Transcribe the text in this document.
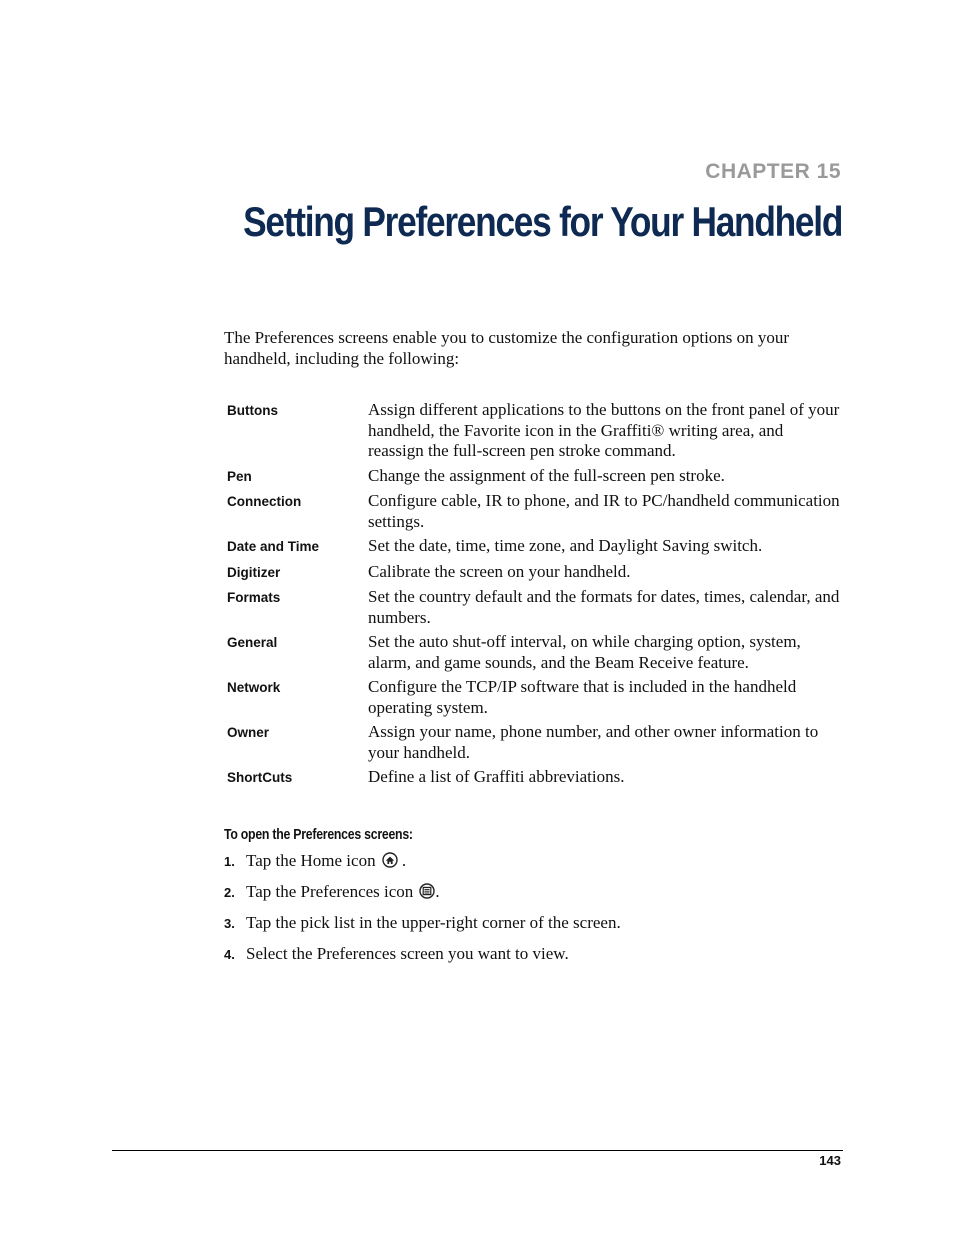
CHAPTER 15
Setting Preferences for Your Handheld

The Preferences screens enable you to customize the configuration options on your handheld, including the following:

Buttons	Assign different applications to the buttons on the front panel of your handheld, the Favorite icon in the Graffiti® writing area, and reassign the full-screen pen stroke command.
Pen	Change the assignment of the full-screen pen stroke.
Connection	Configure cable, IR to phone, and IR to PC/handheld communication settings.
Date and Time	Set the date, time, time zone, and Daylight Saving switch.
Digitizer	Calibrate the screen on your handheld.
Formats	Set the country default and the formats for dates, times, calendar, and numbers.
General	Set the auto shut-off interval, on while charging option, system, alarm, and game sounds, and the Beam Receive feature.
Network	Configure the TCP/IP software that is included in the handheld operating system.
Owner	Assign your name, phone number, and other owner information to your handheld.
ShortCuts	Define a list of Graffiti abbreviations.
To open the Preferences screens:
1. Tap the Home icon .
2. Tap the Preferences icon .
3. Tap the pick list in the upper-right corner of the screen.
4. Select the Preferences screen you want to view.
143
